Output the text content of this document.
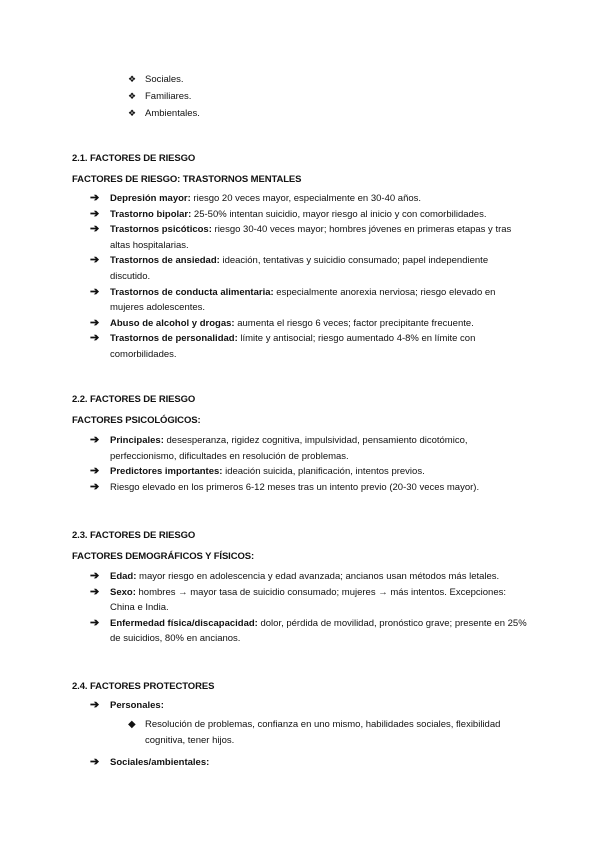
❖ Sociales.
❖ Familiares.
❖ Ambientales.
2.1. FACTORES DE RIESGO
FACTORES DE RIESGO: TRASTORNOS MENTALES
➔ Depresión mayor: riesgo 20 veces mayor, especialmente en 30-40 años.
➔ Trastorno bipolar: 25-50% intentan suicidio, mayor riesgo al inicio y con comorbilidades.
➔ Trastornos psicóticos: riesgo 30-40 veces mayor; hombres jóvenes en primeras etapas y tras altas hospitalarias.
➔ Trastornos de ansiedad: ideación, tentativas y suicidio consumado; papel independiente discutido.
➔ Trastornos de conducta alimentaria: especialmente anorexia nerviosa; riesgo elevado en mujeres adolescentes.
➔ Abuso de alcohol y drogas: aumenta el riesgo 6 veces; factor precipitante frecuente.
➔ Trastornos de personalidad: límite y antisocial; riesgo aumentado 4-8% en límite con comorbilidades.
2.2. FACTORES DE RIESGO
FACTORES PSICOLÓGICOS:
➔ Principales: desesperanza, rigidez cognitiva, impulsividad, pensamiento dicotómico, perfeccionismo, dificultades en resolución de problemas.
➔ Predictores importantes: ideación suicida, planificación, intentos previos.
➔ Riesgo elevado en los primeros 6-12 meses tras un intento previo (20-30 veces mayor).
2.3. FACTORES DE RIESGO
FACTORES DEMOGRÁFICOS Y FÍSICOS:
➔ Edad: mayor riesgo en adolescencia y edad avanzada; ancianos usan métodos más letales.
➔ Sexo: hombres → mayor tasa de suicidio consumado; mujeres → más intentos. Excepciones: China e India.
➔ Enfermedad física/discapacidad: dolor, pérdida de movilidad, pronóstico grave; presente en 25% de suicidios, 80% en ancianos.
2.4. FACTORES PROTECTORES
➔ Personales:
◆ Resolución de problemas, confianza en uno mismo, habilidades sociales, flexibilidad cognitiva, tener hijos.
➔ Sociales/ambientales:
